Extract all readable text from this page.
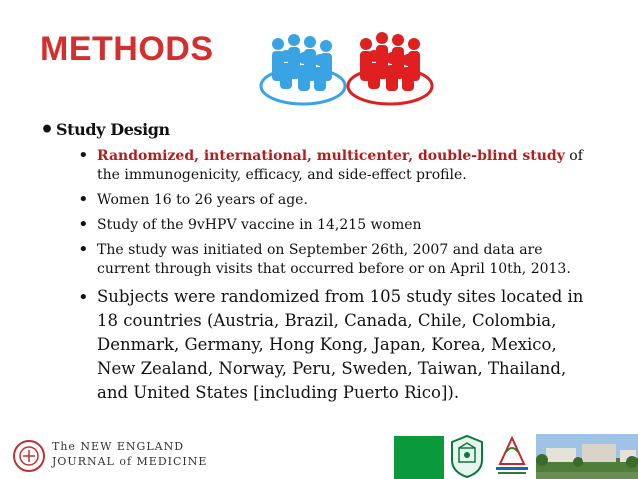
METHODS
• Study Design
• Randomized, international, multicenter, double-blind study of the immunogenicity, efficacy, and side-effect profile.
• Women 16 to 26 years of age.
• Study of the 9vHPV vaccine in 14,215 women
• The study was initiated on September 26th, 2007 and data are current through visits that occurred before or on April 10th, 2013.
• Subjects were randomized from 105 study sites located in 18 countries (Austria, Brazil, Canada, Chile, Colombia, Denmark, Germany, Hong Kong, Japan, Korea, Mexico, New Zealand, Norway, Peru, Sweden, Taiwan, Thailand, and United States [including Puerto Rico]).
The NEW ENGLAND
JOURNAL of MEDICINE
